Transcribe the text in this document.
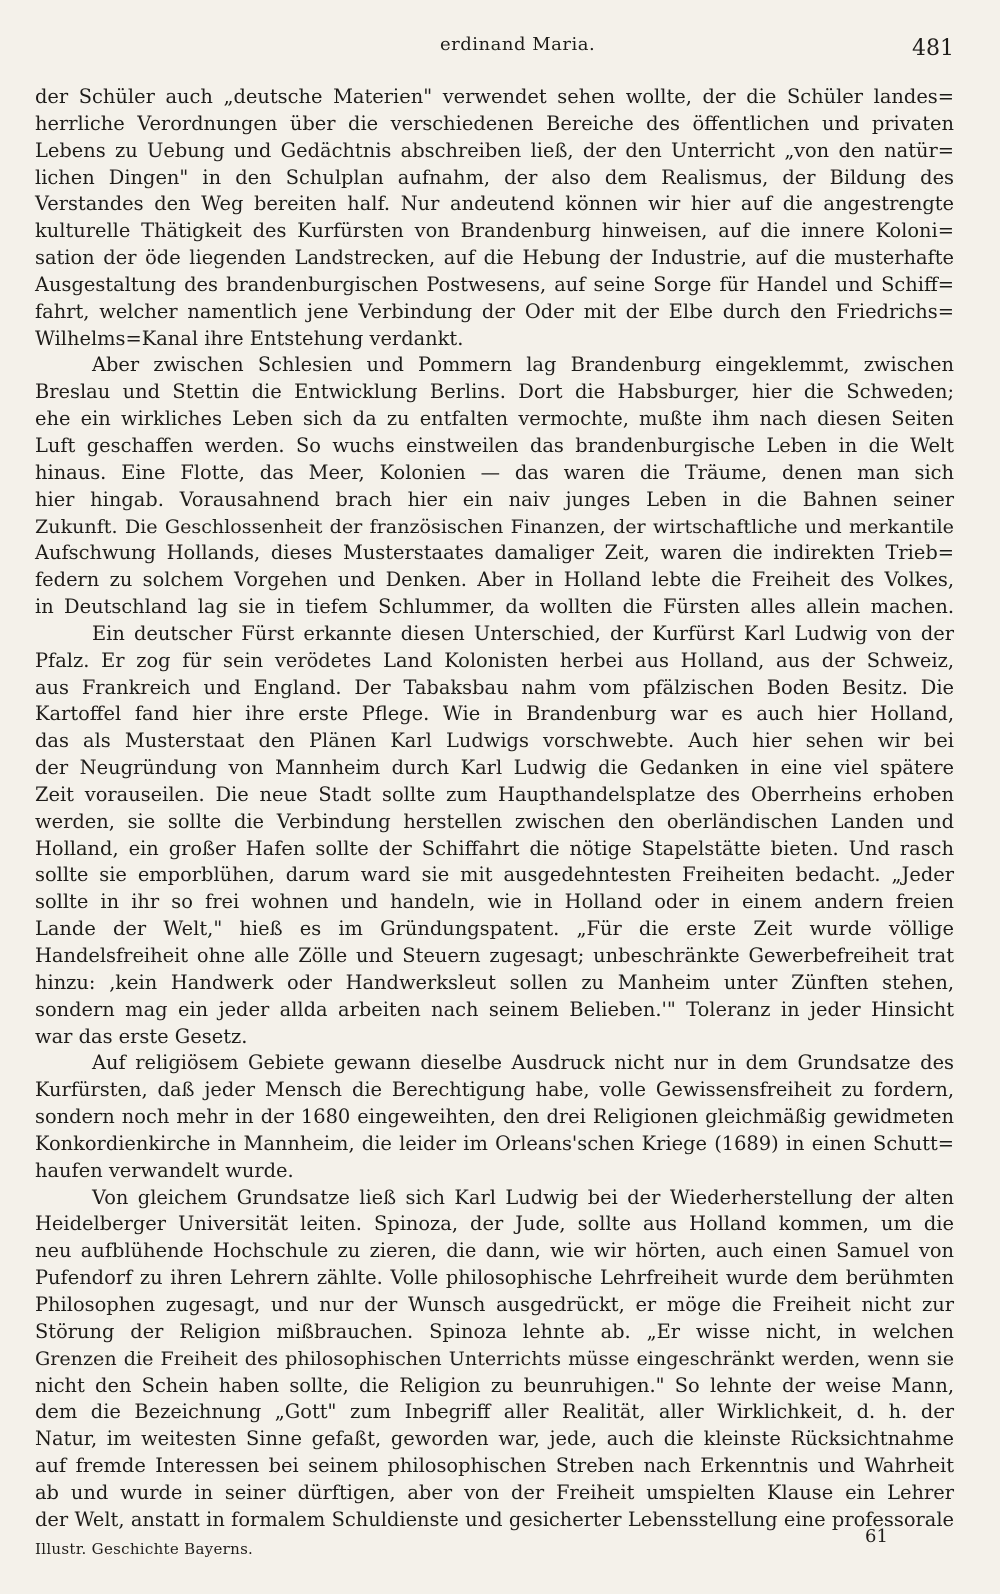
erdinand Maria.	481
der Schüler auch „deutsche Materien" verwendet sehen wollte, der die Schüler landes=
herrliche Verordnungen über die verschiedenen Bereiche des öffentlichen und privaten
Lebens zu Uebung und Gedächtnis abschreiben ließ, der den Unterricht „von den natür=
lichen Dingen" in den Schulplan aufnahm, der also dem Realismus, der Bildung des
Verstandes den Weg bereiten half. Nur andeutend können wir hier auf die angestrengte
kulturelle Thätigkeit des Kurfürsten von Brandenburg hinweisen, auf die innere Koloni=
sation der öde liegenden Landstrecken, auf die Hebung der Industrie, auf die musterhafte
Ausgestaltung des brandenburgischen Postwesens, auf seine Sorge für Handel und Schiff=
fahrt, welcher namentlich jene Verbindung der Oder mit der Elbe durch den Friedrichs=
Wilhelms=Kanal ihre Entstehung verdankt.
Aber zwischen Schlesien und Pommern lag Brandenburg eingeklemmt, zwischen
Breslau und Stettin die Entwicklung Berlins. Dort die Habsburger, hier die Schweden;
ehe ein wirkliches Leben sich da zu entfalten vermochte, mußte ihm nach diesen Seiten
Luft geschaffen werden. So wuchs einstweilen das brandenburgische Leben in die Welt
hinaus. Eine Flotte, das Meer, Kolonien — das waren die Träume, denen man sich
hier hingab. Vorausahnend brach hier ein naiv junges Leben in die Bahnen seiner
Zukunft. Die Geschlossenheit der französischen Finanzen, der wirtschaftliche und merkantile
Aufschwung Hollands, dieses Musterstaates damaliger Zeit, waren die indirekten Trieb=
federn zu solchem Vorgehen und Denken. Aber in Holland lebte die Freiheit des Volkes,
in Deutschland lag sie in tiefem Schlummer, da wollten die Fürsten alles allein machen.
Ein deutscher Fürst erkannte diesen Unterschied, der Kurfürst Karl Ludwig von der
Pfalz. Er zog für sein verödetes Land Kolonisten herbei aus Holland, aus der Schweiz,
aus Frankreich und England. Der Tabaksbau nahm vom pfälzischen Boden Besitz. Die
Kartoffel fand hier ihre erste Pflege. Wie in Brandenburg war es auch hier Holland,
das als Musterstaat den Plänen Karl Ludwigs vorschwebte. Auch hier sehen wir bei
der Neugründung von Mannheim durch Karl Ludwig die Gedanken in eine viel spätere
Zeit vorauseilen. Die neue Stadt sollte zum Haupthandelsplatze des Oberrheins erhoben
werden, sie sollte die Verbindung herstellen zwischen den oberländischen Landen und
Holland, ein großer Hafen sollte der Schiffahrt die nötige Stapelstätte bieten. Und rasch
sollte sie emporblühen, darum ward sie mit ausgedehntesten Freiheiten bedacht. „Jeder
sollte in ihr so frei wohnen und handeln, wie in Holland oder in einem andern freien
Lande der Welt," hieß es im Gründungspatent. „Für die erste Zeit wurde völlige
Handelsfreiheit ohne alle Zölle und Steuern zugesagt; unbeschränkte Gewerbefreiheit trat
hinzu: ‚kein Handwerk oder Handwerksleut sollen zu Manheim unter Zünften stehen,
sondern mag ein jeder allda arbeiten nach seinem Belieben.'" Toleranz in jeder Hinsicht
war das erste Gesetz.
Auf religiösem Gebiete gewann dieselbe Ausdruck nicht nur in dem Grundsatze des
Kurfürsten, daß jeder Mensch die Berechtigung habe, volle Gewissensfreiheit zu fordern,
sondern noch mehr in der 1680 eingeweihten, den drei Religionen gleichmäßig gewidmeten
Konkordienkirche in Mannheim, die leider im Orleans'schen Kriege (1689) in einen Schutt=
haufen verwandelt wurde.
Von gleichem Grundsatze ließ sich Karl Ludwig bei der Wiederherstellung der alten
Heidelberger Universität leiten. Spinoza, der Jude, sollte aus Holland kommen, um die
neu aufblühende Hochschule zu zieren, die dann, wie wir hörten, auch einen Samuel von
Pufendorf zu ihren Lehrern zählte. Volle philosophische Lehrfreiheit wurde dem berühmten
Philosophen zugesagt, und nur der Wunsch ausgedrückt, er möge die Freiheit nicht zur
Störung der Religion mißbrauchen. Spinoza lehnte ab. „Er wisse nicht, in welchen
Grenzen die Freiheit des philosophischen Unterrichts müsse eingeschränkt werden, wenn sie
nicht den Schein haben sollte, die Religion zu beunruhigen." So lehnte der weise Mann,
dem die Bezeichnung „Gott" zum Inbegriff aller Realität, aller Wirklichkeit, d. h. der
Natur, im weitesten Sinne gefaßt, geworden war, jede, auch die kleinste Rücksichtnahme
auf fremde Interessen bei seinem philosophischen Streben nach Erkenntnis und Wahrheit
ab und wurde in seiner dürftigen, aber von der Freiheit umspielten Klause ein Lehrer
der Welt, anstatt in formalem Schuldienste und gesicherter Lebensstellung eine professorale
Illustr. Geschichte Bayerns.
61
